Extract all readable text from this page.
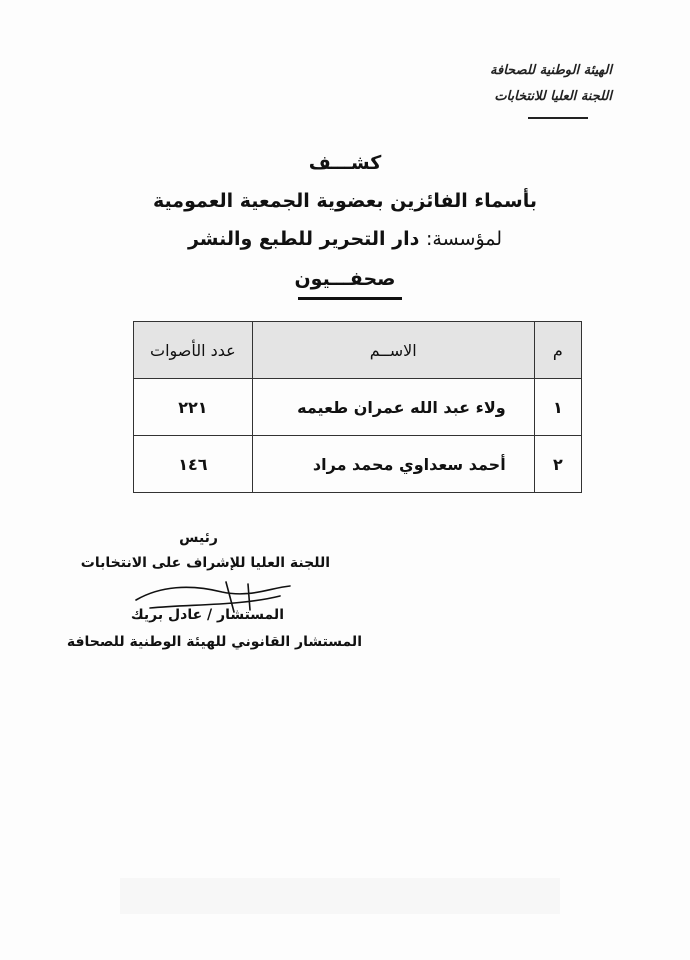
الهيئة الوطنية للصحافة
اللجنة العليا للانتخابات
كشـــف
بأسماء الفائزين بعضوية الجمعية العمومية
لمؤسسة: دار التحرير للطبع والنشر
صحفـــيون
م	الاســم	عدد الأصوات
١	ولاء عبد الله عمران طعيمه	٢٢١
٢	أحمد سعداوي محمد مراد	١٤٦
رئيس
اللجنة العليا للإشراف على الانتخابات
المستشار / عادل بريك
المستشار القانوني للهيئة الوطنية للصحافة
